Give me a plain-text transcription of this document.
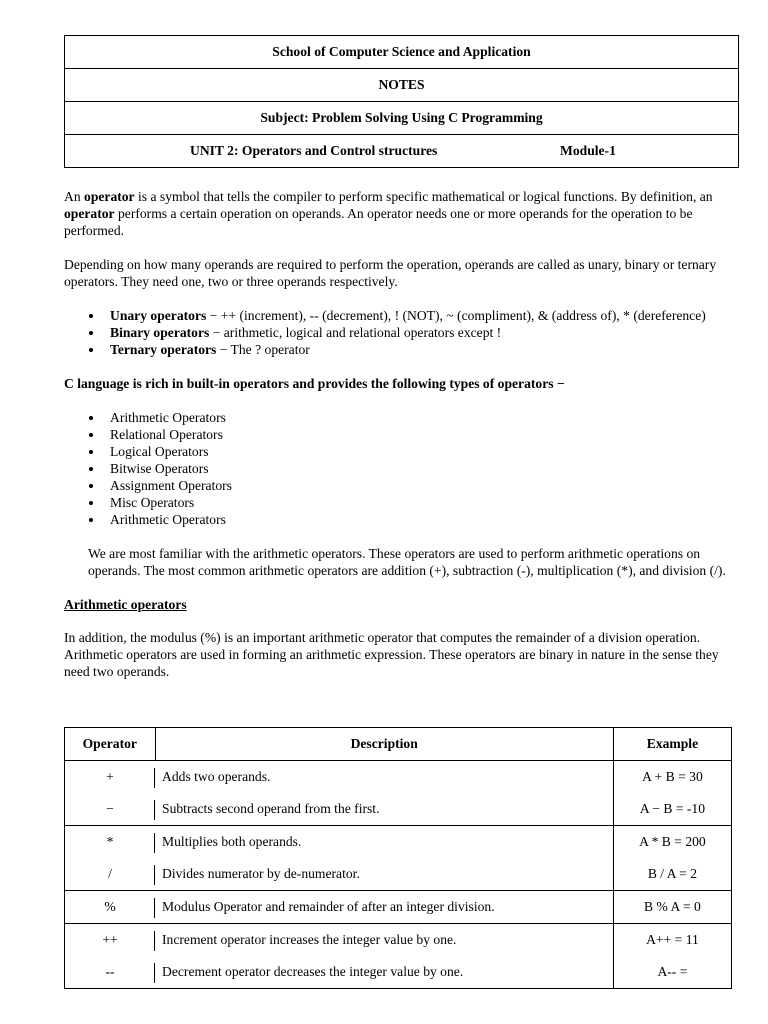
School of Computer Science and Application
NOTES
Subject: Problem Solving Using C Programming

UNIT 2: Operators and Control structures	Module-1

An operator is a symbol that tells the compiler to perform specific mathematical or logical functions. By definition, an operator performs a certain operation on operands. An operator needs one or more operands for the operation to be performed.

Depending on how many operands are required to perform the operation, operands are called as unary, binary or ternary operators. They need one, two or three operands respectively.

Unary operators − ++ (increment), -- (decrement), ! (NOT), ~ (compliment), & (address of), * (dereference)
Binary operators − arithmetic, logical and relational operators except !
Ternary operators − The ? operator

C language is rich in built-in operators and provides the following types of operators −

Arithmetic Operators
Relational Operators
Logical Operators
Bitwise Operators
Assignment Operators
Misc Operators
Arithmetic Operators

We are most familiar with the arithmetic operators. These operators are used to perform arithmetic operations on operands. The most common arithmetic operators are addition (+), subtraction (-), multiplication (*), and division (/).

Arithmetic operators

In addition, the modulus (%) is an important arithmetic operator that computes the remainder of a division operation. Arithmetic operators are used in forming an arithmetic expression. These operators are binary in nature in the sense they need two operands.

Operator	Description	Example
+	Adds two operands.	A + B = 30
−	Subtracts second operand from the first.	A − B = -10
*	Multiplies both operands.	A * B = 200
/	Divides numerator by de-numerator.	B / A = 2
%	Modulus Operator and remainder of after an integer division.	B % A = 0
++	Increment operator increases the integer value by one.	A++ = 11
--	Decrement operator decreases the integer value by one.	A-- =
